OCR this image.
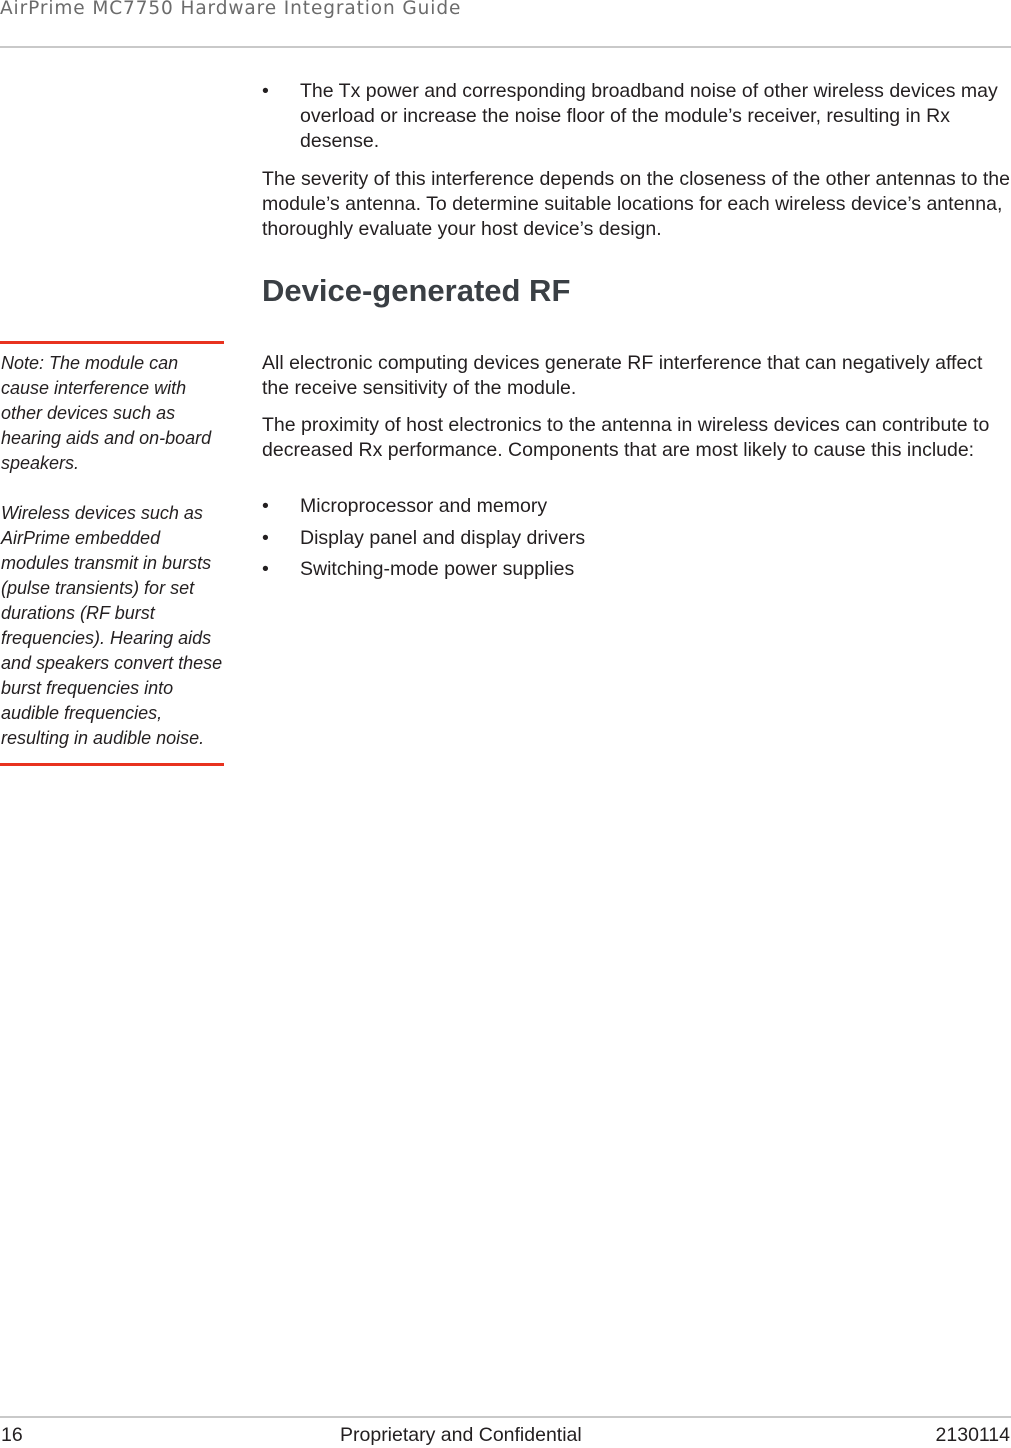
AirPrime MC7750 Hardware Integration Guide

• The Tx power and corresponding broadband noise of other wireless devices may overload or increase the noise floor of the module’s receiver, resulting in Rx desense.

The severity of this interference depends on the closeness of the other antennas to the module’s antenna. To determine suitable locations for each wireless device’s antenna, thoroughly evaluate your host device’s design.

Device-generated RF

All electronic computing devices generate RF interference that can negatively affect the receive sensitivity of the module.

The proximity of host electronics to the antenna in wireless devices can contribute to decreased Rx performance. Components that are most likely to cause this include:

• Microprocessor and memory

• Display panel and display drivers

• Switching-mode power supplies

Note: The module can cause interference with other devices such as hearing aids and on-board speakers.

Wireless devices such as AirPrime embedded modules transmit in bursts (pulse transients) for set durations (RF burst frequencies). Hearing aids and speakers convert these burst frequencies into audible frequencies, resulting in audible noise.

16	Proprietary and Confidential	2130114
